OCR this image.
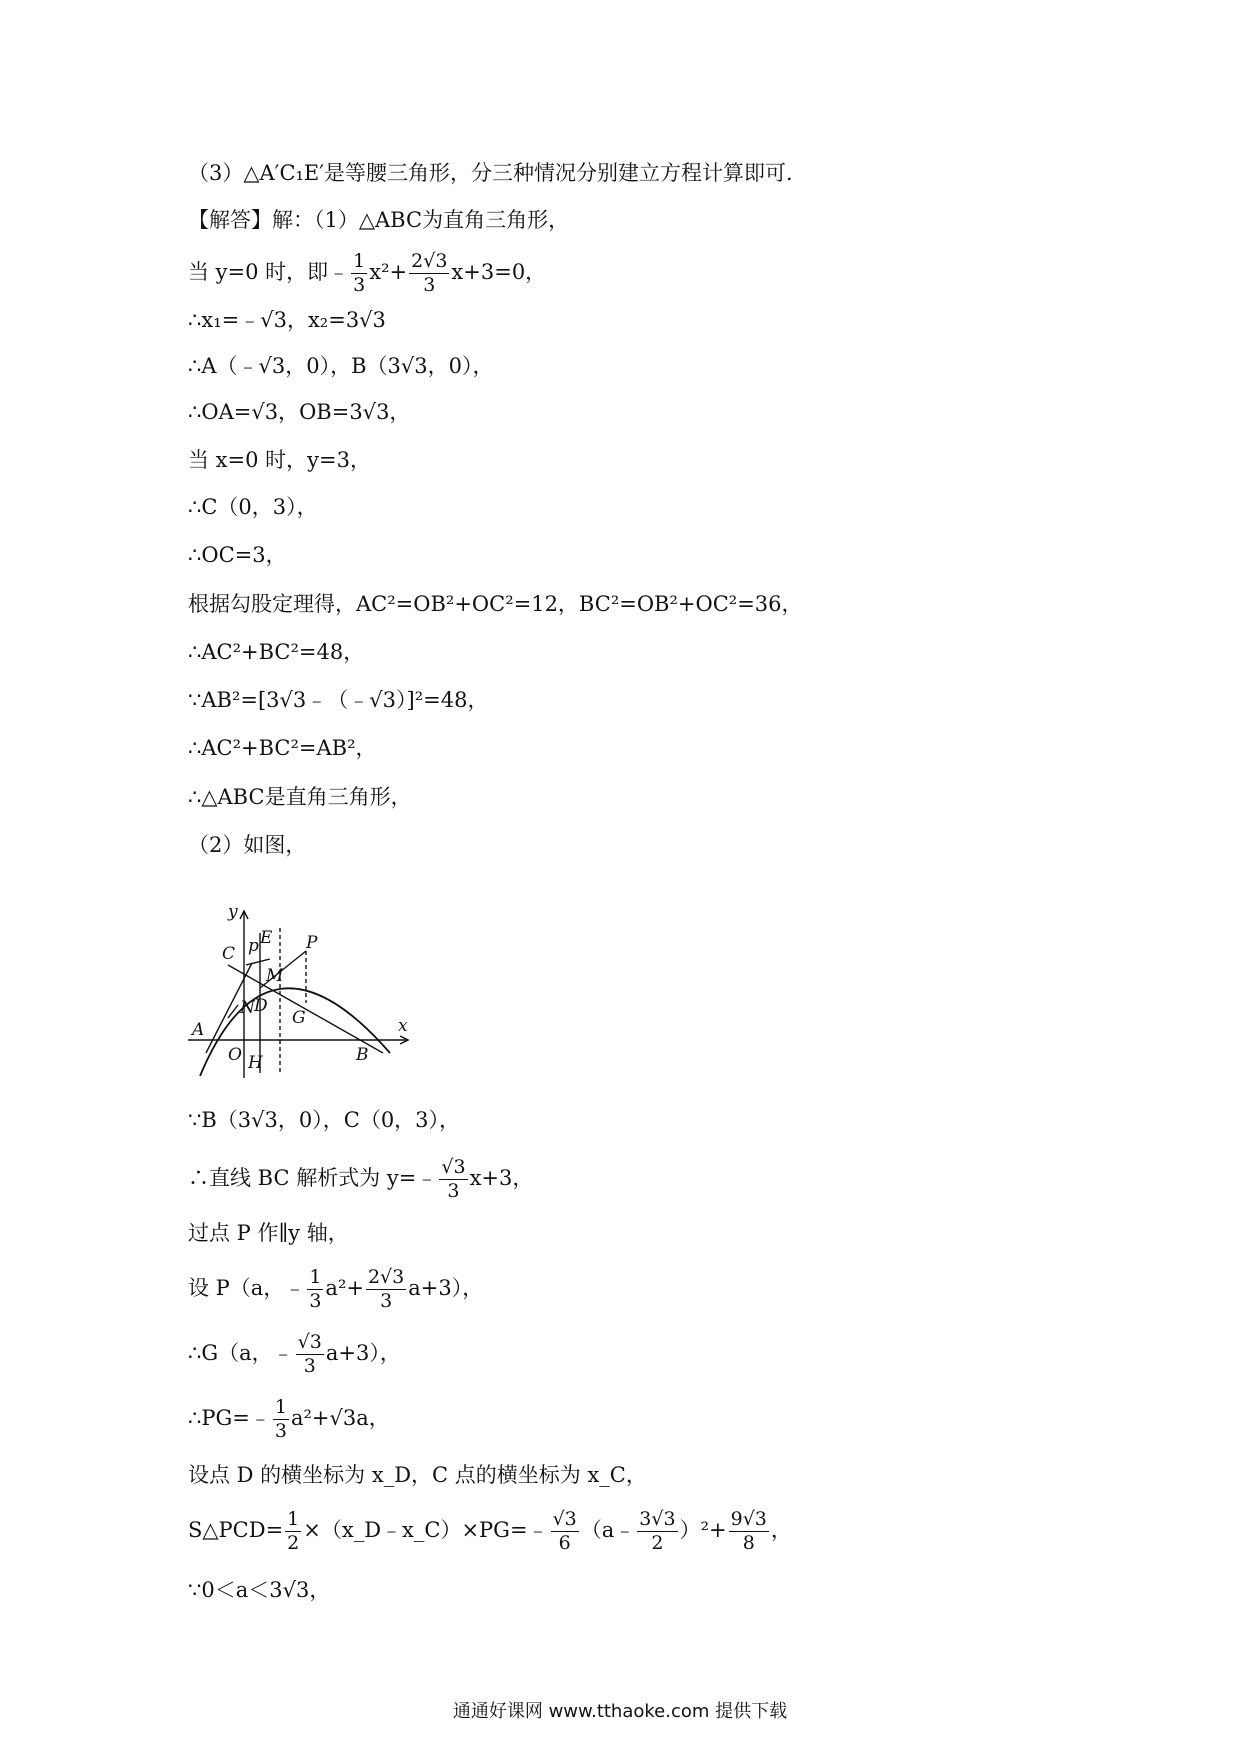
（3）△A′C₁E′是等腰三角形，分三种情况分别建立方程计算即可．
【解答】解：（1）△ABC为直角三角形，
当 y=0 时，即﹣ $\frac{1}{3} x^2+ \frac{2√3}{3} x+3=0$，
∴x₁=﹣√3，x₂=3√3
∴A（﹣√3，0），B（3√3，0），
∴OA=√3，OB=3√3，
当 x=0 时，y=3，
∴C（0，3），
∴OC=3，
根据勾股定理得，AC²=OB²+OC²=12，BC²=OB²+OC²=36，
∴AC²+BC²=48，
∵AB²=[3√3﹣（﹣√3）]²=48，
∴AC²+BC²=AB²，
∴△ABC是直角三角形，
（2）如图，
y
x
C p E P
M
D
N G
A
O H	B
∵B（3√3，0），C（0，3），
∴直线 BC 解析式为 y=﹣ $\frac{√3}{3} x+3$，
过点 P 作∥y 轴，
设 P（a，﹣ $\frac{1}{3} a^2+ \frac{2√3}{3} a+3$），
∴G（a，﹣ $\frac{√3}{3} a+3$），
∴PG=﹣ $\frac{1}{3} a^2+√3a$，
设点 D 的横坐标为 x_D，C 点的横坐标为 x_C，
S△PCD= $\frac{1}{2}$ ×（x_D﹣x_C）×PG=﹣ $\frac{√3}{6}$ （a﹣ $\frac{3√3}{2} )^2+ \frac{9√3}{8}$ ，
∵0＜a＜3√3，
通通好课网 www.tthaoke.com 提供下载
